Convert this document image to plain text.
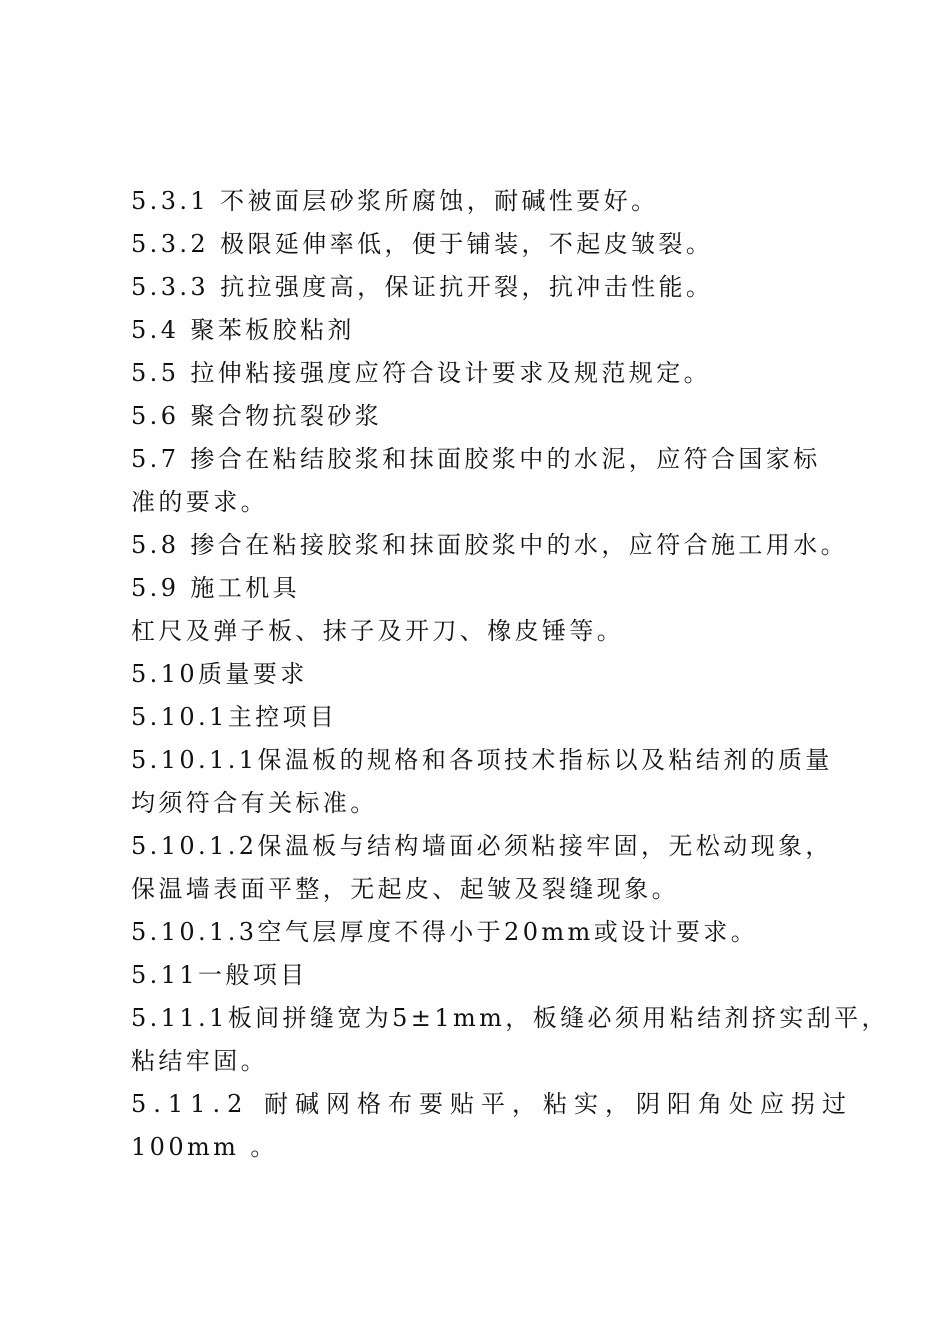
5.3.1 不被面层砂浆所腐蚀，耐碱性要好。
5.3.2 极限延伸率低，便于铺装，不起皮皱裂。
5.3.3 抗拉强度高，保证抗开裂，抗冲击性能。
5.4 聚苯板胶粘剂
5.5 拉伸粘接强度应符合设计要求及规范规定。
5.6 聚合物抗裂砂浆
5.7 掺合在粘结胶浆和抹面胶浆中的水泥，应符合国家标
准的要求。
5.8 掺合在粘接胶浆和抹面胶浆中的水，应符合施工用水。
5.9 施工机具
杠尺及弹子板、抹子及开刀、橡皮锤等。
5.10质量要求
5.10.1主控项目
5.10.1.1保温板的规格和各项技术指标以及粘结剂的质量
均须符合有关标准。
5.10.1.2保温板与结构墙面必须粘接牢固，无松动现象，
保温墙表面平整，无起皮、起皱及裂缝现象。
5.10.1.3空气层厚度不得小于20mm或设计要求。
5.11一般项目
5.11.1板间拼缝宽为5±1mm，板缝必须用粘结剂挤实刮平，
粘结牢固。
5.11.2 耐碱网格布要贴平，粘实，阴阳角处应拐过
100mm 。
